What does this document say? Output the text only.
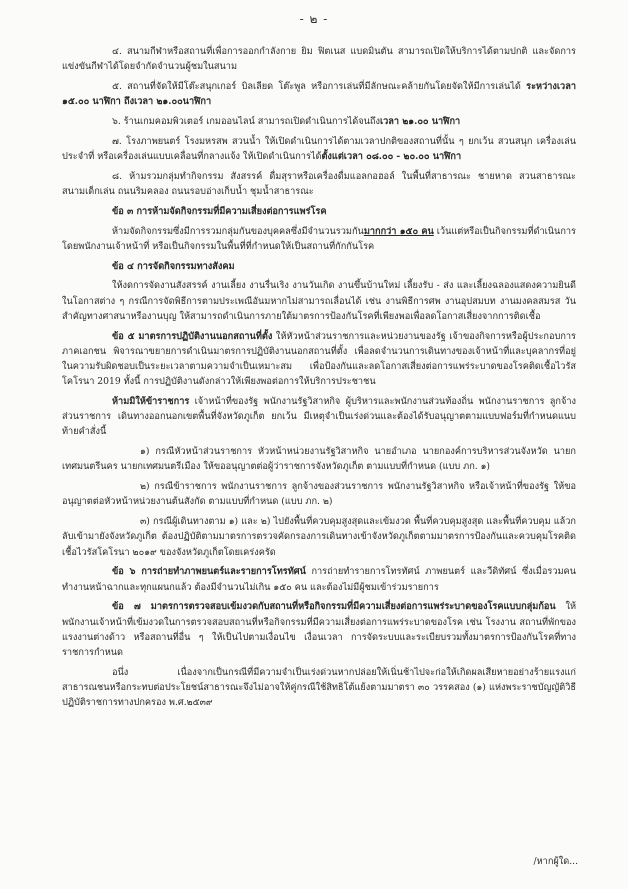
- ๒ -

๔. สนามกีฬาหรือสถานที่เพื่อการออกกำลังกาย ยิม ฟิตเนส แบดมินตัน สามารถเปิดให้บริการได้ตามปกติ และจัดการแข่งขันกีฬาได้โดยจำกัดจำนวนผู้ชมในสนาม

๕. สถานที่จัดให้มีโต๊ะสนุกเกอร์ บิลเลียด โต๊ะพูล หรือการเล่นที่มีลักษณะคล้ายกันโดยจัดให้มีการเล่นได้ ระหว่างเวลา ๑๕.๐๐ นาฬิกา ถึงเวลา ๒๑.๐๐นาฬิกา

๖. ร้านเกมคอมพิวเตอร์ เกมออนไลน์ สามารถเปิดดำเนินการได้จนถึงเวลา ๒๑.๐๐ นาฬิกา

๗. โรงภาพยนตร์ โรงมหรสพ สวนน้ำ ให้เปิดดำเนินการได้ตามเวลาปกติของสถานที่นั้น ๆ ยกเว้น สวนสนุก เครื่องเล่นประจำที่ หรือเครื่องเล่นแบบเคลื่อนที่กลางแจ้ง ให้เปิดดำเนินการได้ตั้งแต่เวลา ๐๘.๐๐ - ๒๐.๐๐ นาฬิกา

๘. ห้ามรวมกลุ่มทำกิจกรรม สังสรรค์ ดื่มสุราหรือเครื่องดื่มแอลกอฮอล์ ในพื้นที่สาธารณะ ชายหาด สวนสาธารณะ สนามเด็กเล่น ถนนริมคลอง ถนนรอบอ่างเก็บน้ำ ชุมน้ำสาธารณะ

ข้อ ๓ การห้ามจัดกิจกรรมที่มีความเสี่ยงต่อการแพร่โรค

ห้ามจัดกิจกรรมซึ่งมีการรวมกลุ่มกันของบุคคลซึ่งมีจำนวนรวมกันมากกว่า ๑๕๐ คน เว้นแต่หรือเป็นกิจกรรมที่ดำเนินการโดยพนักงานเจ้าหน้าที่ หรือเป็นกิจกรรมในพื้นที่ที่กำหนดให้เป็นสถานที่กักกันโรค

ข้อ ๔ การจัดกิจกรรมทางสังคม

ให้งดการจัดงานสังสรรค์ งานเลี้ยง งานรื่นเริง งานวันเกิด งานขึ้นบ้านใหม่ เลี้ยงรับ - ส่ง และเลี้ยงฉลองแสดงความยินดีในโอกาสต่าง ๆ กรณีการจัดพิธีการตามประเพณีอันมหากไม่สามารถเลื่อนได้ เช่น งานพิธีการศพ งานอุปสมบท งานมงคลสมรส วันสำคัญทางศาสนาหรืองานบุญ ให้สามารถดำเนินการภายใต้มาตรการป้องกันโรคที่เพียงพอเพื่อลดโอกาสเสี่ยงจากการติดเชื้อ

ข้อ ๕ มาตรการปฏิบัติงานนอกสถานที่ตั้ง ให้หัวหน้าส่วนราชการและหน่วยงานของรัฐ เจ้าของกิจการหรือผู้ประกอบการภาคเอกชน พิจารณาขยายการดำเนินมาตรการปฏิบัติงานนอกสถานที่ตั้ง เพื่อลดจำนวนการเดินทางของเจ้าหน้าที่และบุคลากรที่อยู่ในความรับผิดชอบเป็นระยะเวลาตามความจำเป็นเหมาะสม เพื่อป้องกันและลดโอกาสเสี่ยงต่อการแพร่ระบาดของโรคติดเชื้อไวรัสโคโรนา 2019 ทั้งนี้ การปฏิบัติงานดังกล่าวให้เพียงพอต่อการให้บริการประชาชน

ห้ามมิให้ข้าราชการ เจ้าหน้าที่ของรัฐ พนักงานรัฐวิสาหกิจ ผู้บริหารและพนักงานส่วนท้องถิ่น พนักงานราชการ ลูกจ้างส่วนราชการ เดินทางออกนอกเขตพื้นที่จังหวัดภูเก็ต ยกเว้น มีเหตุจำเป็นเร่งด่วนและต้องได้รับอนุญาตตามแบบฟอร์มที่กำหนดแนบท้ายคำสั่งนี้

๑) กรณีหัวหน้าส่วนราชการ หัวหน้าหน่วยงานรัฐวิสาหกิจ นายอำเภอ นายกองค์การบริหารส่วนจังหวัด นายกเทศมนตรีนคร นายกเทศมนตรีเมือง ให้ขออนุญาตต่อผู้ว่าราชการจังหวัดภูเก็ต ตามแบบที่กำหนด (แบบ ภก. ๑)

๒) กรณีข้าราชการ พนักงานราชการ ลูกจ้างของส่วนราชการ พนักงานรัฐวิสาหกิจ หรือเจ้าหน้าที่ของรัฐ ให้ขออนุญาตต่อหัวหน้าหน่วยงานต้นสังกัด ตามแบบที่กำหนด (แบบ ภก. ๒)

๓) กรณีผู้เดินทางตาม ๑) และ ๒) ไปยังพื้นที่ควบคุมสูงสุดและเข้มงวด พื้นที่ควบคุมสูงสุด และพื้นที่ควบคุม แล้วกลับเข้ามายังจังหวัดภูเก็ต ต้องปฏิบัติตามมาตรการตรวจคัดกรองการเดินทางเข้าจังหวัดภูเก็ตตามมาตรการป้องกันและควบคุมโรคติดเชื้อไวรัสโคโรนา ๒๐๑๙ ของจังหวัดภูเก็ตโดยเคร่งครัด

ข้อ ๖ การถ่ายทำภาพยนตร์และรายการโทรทัศน์ การถ่ายทำรายการโทรทัศน์ ภาพยนตร์ และวีดิทัศน์ ซึ่งเมื่อรวมคนทำงานหน้าฉากและทุกแผนกแล้ว ต้องมีจำนวนไม่เกิน ๑๕๐ คน และต้องไม่มีผู้ชมเข้าร่วมรายการ

ข้อ ๗ มาตรการตรวจสอบเข้มงวดกับสถานที่หรือกิจกรรมที่มีความเสี่ยงต่อการแพร่ระบาดของโรคแบบกลุ่มก้อน ให้พนักงานเจ้าหน้าที่เข้มงวดในการตรวจสอบสถานที่หรือกิจกรรมที่มีความเสี่ยงต่อการแพร่ระบาดของโรค เช่น โรงงาน สถานที่พักของแรงงานต่างด้าว หรือสถานที่อื่น ๆ ให้เป็นไปตามเงื่อนไข เงื่อนเวลา การจัดระบบและระเบียบรวมทั้งมาตรการป้องกันโรคที่ทางราชการกำหนด

อนึ่ง เนื่องจากเป็นกรณีที่มีความจำเป็นเร่งด่วนหากปล่อยให้เนิ่นช้าไปจะก่อให้เกิดผลเสียหายอย่างร้ายแรงแก่สาธารณชนหรือกระทบต่อประโยชน์สาธารณะจึงไม่อาจให้คู่กรณีใช้สิทธิโต้แย้งตามมาตรา ๓๐ วรรคสอง (๑) แห่งพระราชบัญญัติวิธีปฏิบัติราชการทางปกครอง พ.ศ.๒๕๓๙

/หากผู้ใด...
